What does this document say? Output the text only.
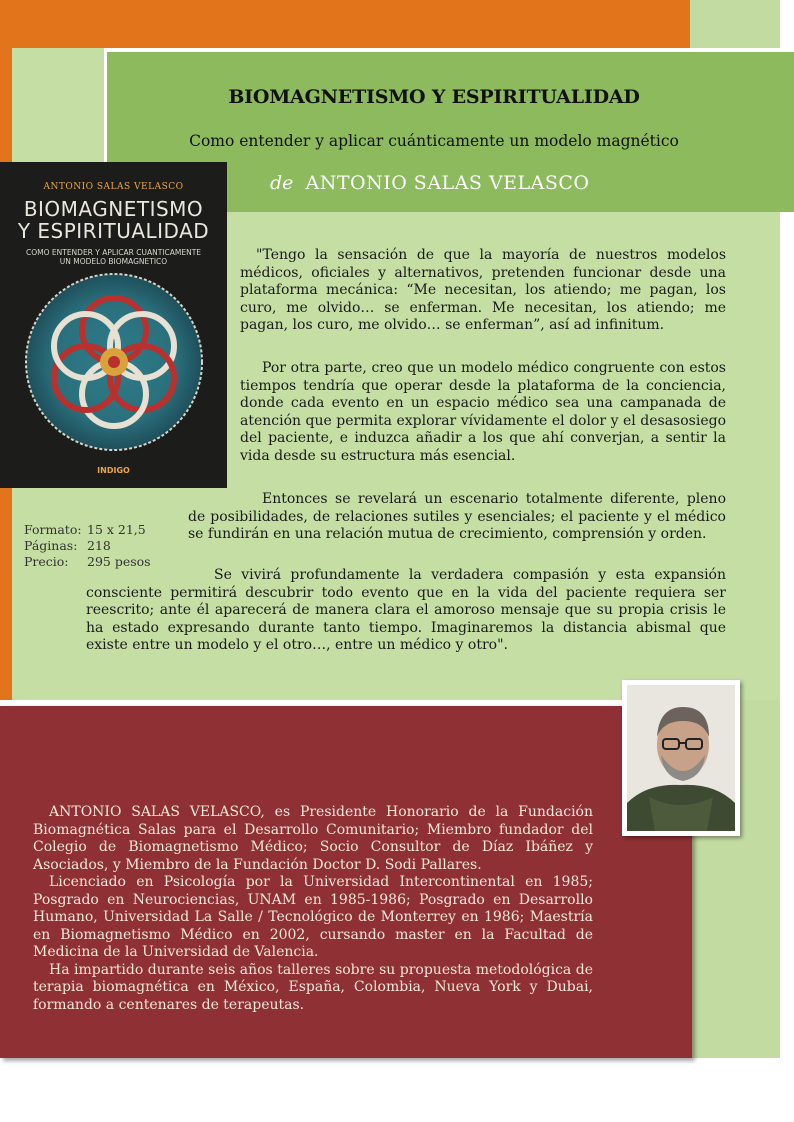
BIOMAGNETISMO Y ESPIRITUALIDAD
Como entender y aplicar cuánticamente un modelo magnético
de ANTONIO SALAS VELASCO
ANTONIO SALAS VELASCO
BIOMAGNETISMO
Y ESPIRITUALIDAD
COMO ENTENDER Y APLICAR CUANTICAMENTE
UN MODELO BIOMAGNETICO
INDIGO
Formato: 15 x 21,5
Páginas: 218
Precio:	295 pesos

"Tengo la sensación de que la mayoría de nuestros modelos médicos, oficiales y alternativos, pretenden funcionar desde una plataforma mecánica: “Me necesitan, los atiendo; me pagan, los curo, me olvido… se enferman. Me necesitan, los atiendo; me pagan, los curo, me olvido… se enferman”, así ad infinitum.

Por otra parte, creo que un modelo médico congruente con estos tiempos tendría que operar desde la plataforma de la conciencia, donde cada evento en un espacio médico sea una campanada de atención que permita explorar vívidamente el dolor y el desasosiego del paciente, e induzca añadir a los que ahí converjan, a sentir la vida desde su estructura más esencial.

Entonces se revelará un escenario totalmente diferente, pleno de posibilidades, de relaciones sutiles y esenciales; el paciente y el médico se fundirán en una relación mutua de crecimiento, comprensión y orden.

Se vivirá profundamente la verdadera compasión y esta expansión consciente permitirá descubrir todo evento que en la vida del paciente requiera ser reescrito; ante él aparecerá de manera clara el amoroso mensaje que su propia crisis le ha estado expresando durante tanto tiempo. Imaginaremos la distancia abismal que existe entre un modelo y el otro…, entre un médico y otro".

ANTONIO SALAS VELASCO, es Presidente Honorario de la Fundación Biomagnética Salas para el Desarrollo Comunitario; Miembro fundador del Colegio de Biomagnetismo Médico; Socio Consultor de Díaz Ibáñez y Asociados, y Miembro de la Fundación Doctor D. Sodi Pallares.

Licenciado en Psicología por la Universidad Intercontinental en 1985; Posgrado en Neurociencias, UNAM en 1985-1986; Posgrado en Desarrollo Humano, Universidad La Salle / Tecnológico de Monterrey en 1986; Maestría en Biomagnetismo Médico en 2002, cursando master en la Facultad de Medicina de la Universidad de Valencia.

Ha impartido durante seis años talleres sobre su propuesta metodológica de terapia biomagnética en México, España, Colombia, Nueva York y Dubai, formando a centenares de terapeutas.
